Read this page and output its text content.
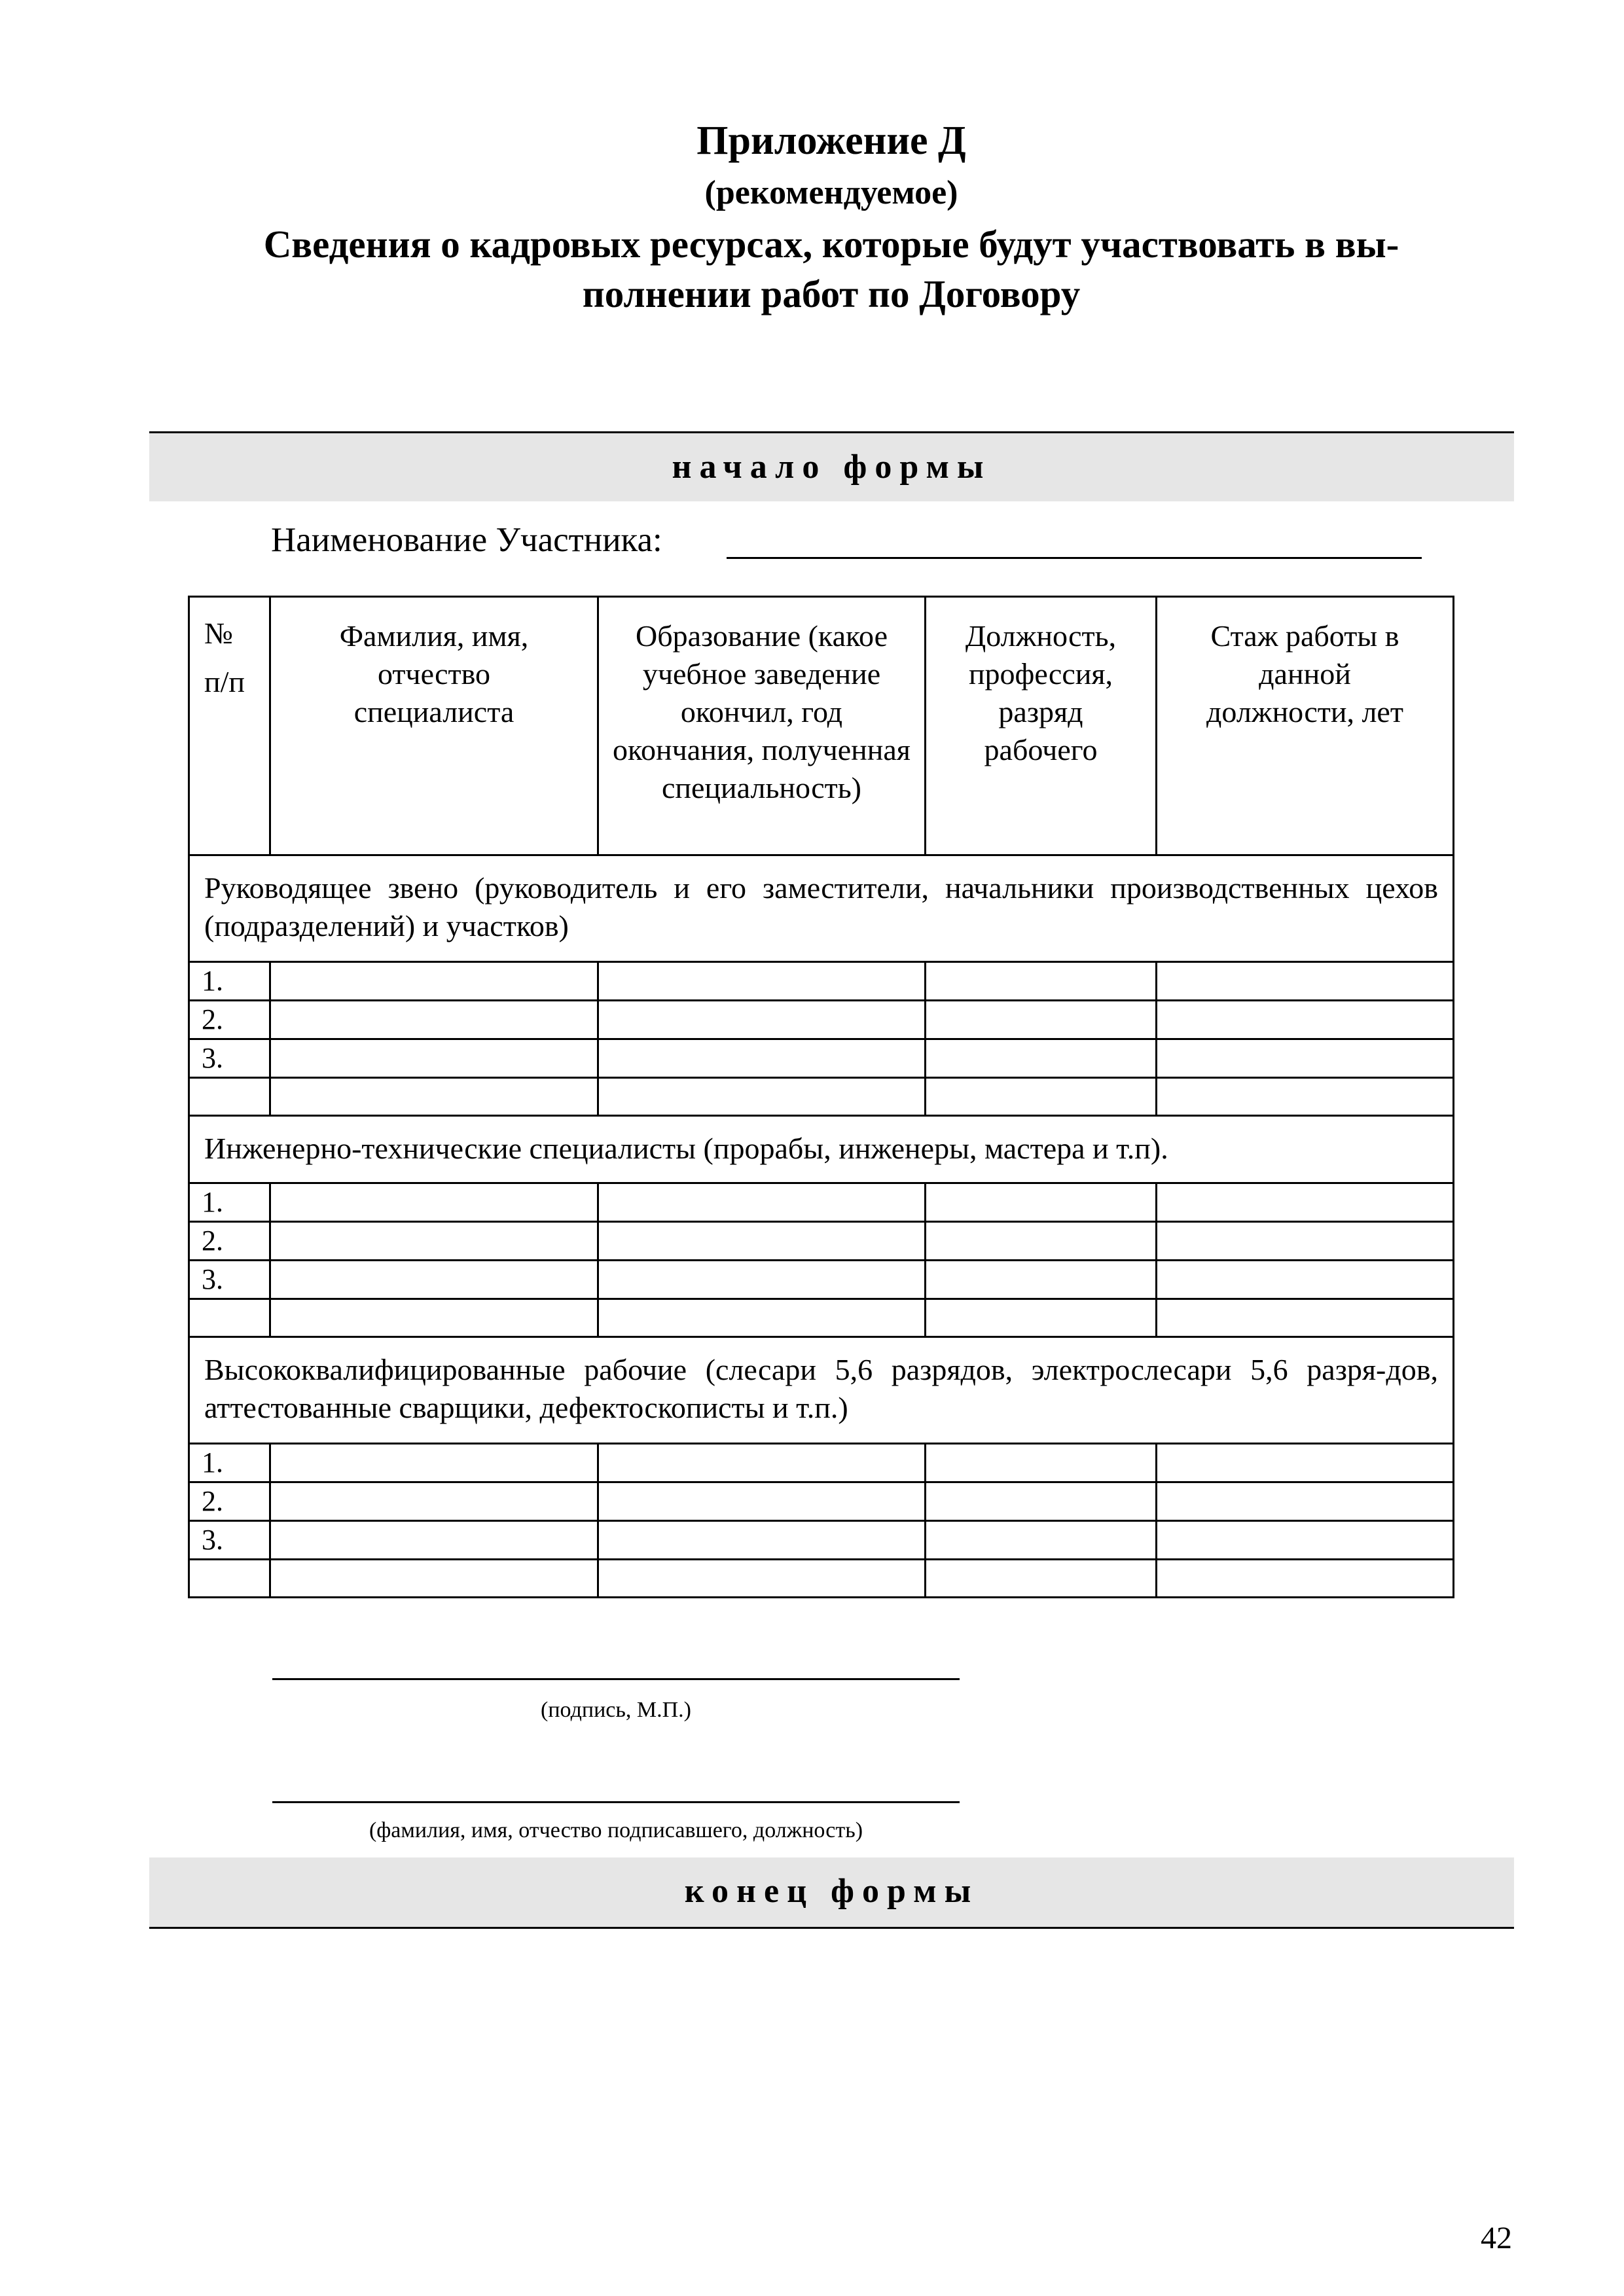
Приложение Д
(рекомендуемое)
Сведения о кадровых ресурсах, которые будут участвовать в вы-
полнении работ по Договору
начало формы
Наименование Участника:
№
п/п	Фамилия, имя, отчество специалиста	Образование (какое учебное заведение окончил, год окончания, полученная специальность)	Должность, профессия, разряд рабочего	Стаж работы в данной должности, лет
Руководящее звено (руководитель и его заместители, начальники производственных цехов (подразделений) и участков)				
1.				
2.				
3.				

Инженерно-технические специалисты (прорабы, инженеры, мастера и т.п).				
1.				
2.				
3.				

Высококвалифицированные рабочие (слесари 5,6 разрядов, электрослесари 5,6 разря-дов, аттестованные сварщики, дефектоскописты и т.п.)				
1.				
2.				
3.				

(подпись, М.П.)
(фамилия, имя, отчество подписавшего, должность)
конец формы
42
